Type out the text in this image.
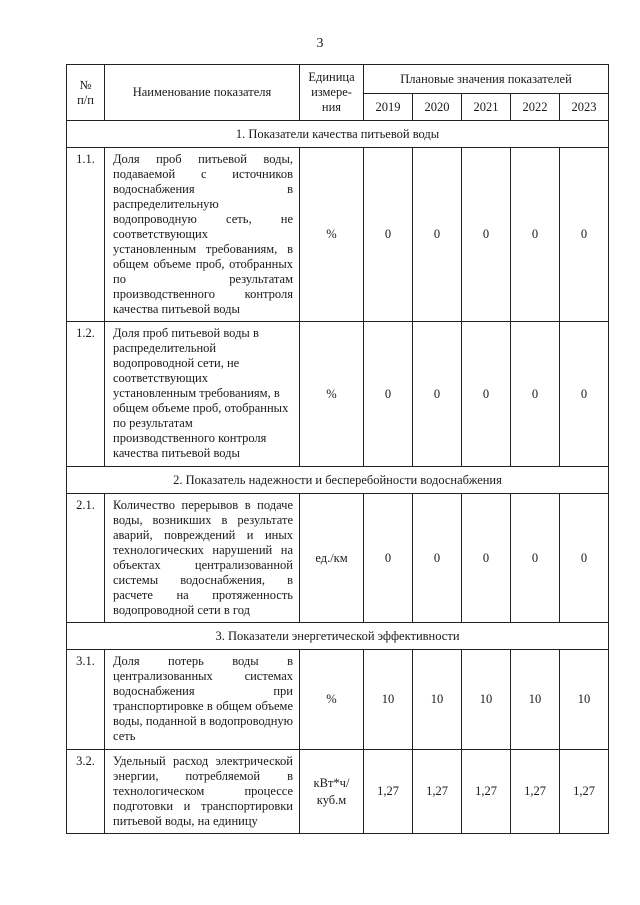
3
№ п/п	Наименование показателя	Единица измере-ния	Плановые значения показателей				
			2019	2020	2021	2022	2023
1. Показатели качества питьевой воды							
1.1.	Доля проб питьевой воды, подаваемой с источников водоснабжения в распределительную водопроводную сеть, не соответствующих установленным требованиям, в общем объеме проб, отобранных по результатам производственного контроля качества питьевой воды	%	0	0	0	0	0
1.2.	Доля проб питьевой воды в распределительной водопроводной сети, не соответствующих установленным требованиям, в общем объеме проб, отобранных по результатам производственного контроля качества питьевой воды	%	0	0	0	0	0
2. Показатель надежности и бесперебойности водоснабжения							
2.1.	Количество перерывов в подаче воды, возникших в результате аварий, повреждений и иных технологических нарушений на объектах централизованной системы водоснабжения, в расчете на протяженность водопроводной сети в год	ед./км	0	0	0	0	0
3. Показатели энергетической эффективности							
3.1.	Доля потерь воды в централизованных системах водоснабжения при транспортировке в общем объеме воды, поданной в водопроводную сеть	%	10	10	10	10	10
3.2.	Удельный расход электрической энергии, потребляемой в технологическом процессе подготовки и транспортировки питьевой воды, на единицу	кВт*ч/ куб.м	1,27	1,27	1,27	1,27	1,27
